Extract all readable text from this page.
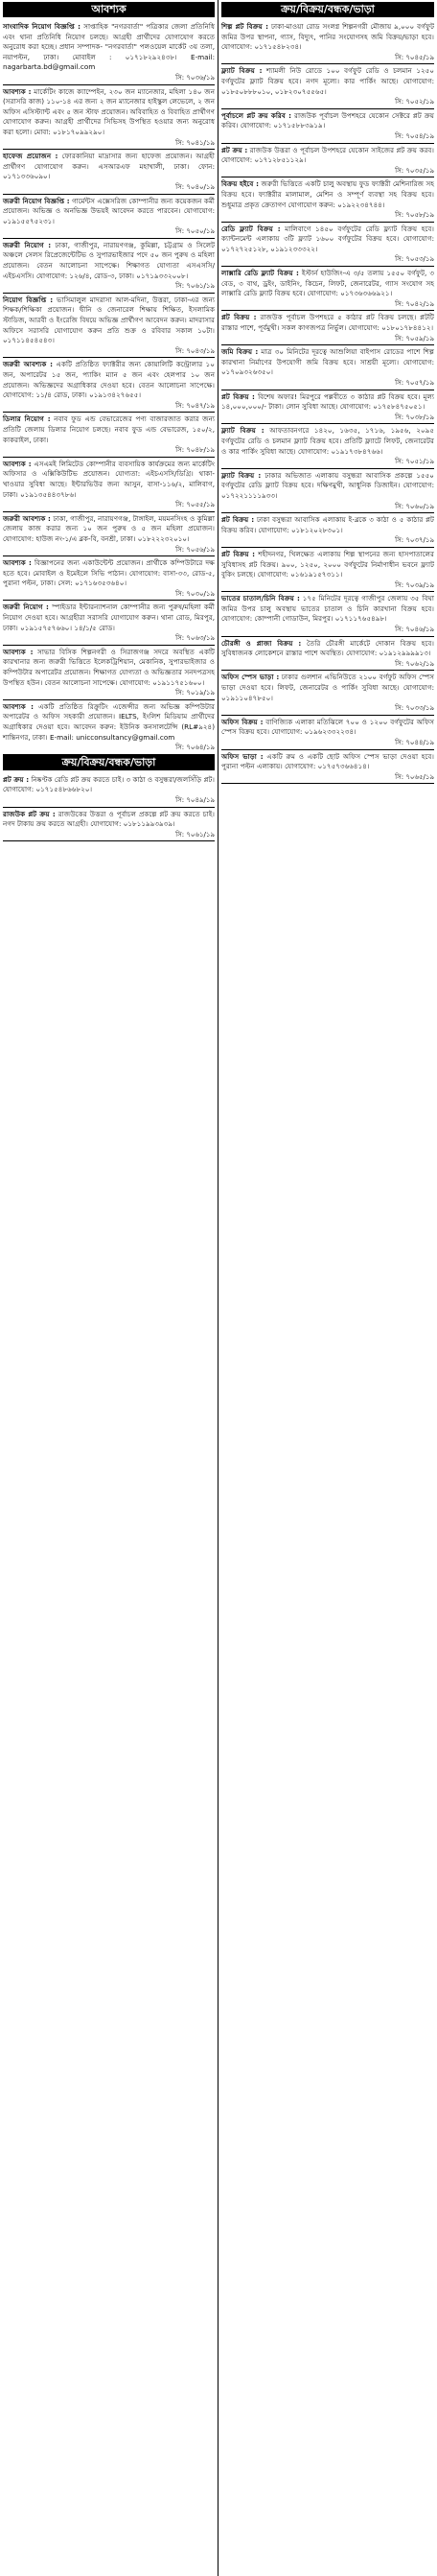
আবশ্যক
সাংবাদিক নিয়োগ বিজ্ঞপ্তি : সাপ্তাহিক "নগরবার্তা" পত্রিকার জেলা প্রতিনিধি এবং থানা প্রতিনিধি নিয়োগ চলছে। আগ্রহী প্রার্থীদের যোগাযোগ করতে অনুরোধ করা হচ্ছে। প্রধান সম্পাদক- "নগরবার্তা" পলওয়েল মার্কেট ৩য় তলা, নয়াপল্টন, ঢাকা। মোবাইল : ০১৭১৮২৯২৪৩৮। E-mail: nagarbarta.bd@gmail.com
সি: ৭০৩৬/১৯
আবশ্যক : মার্কেটিং কাজে ক্যাম্পেইন, ২৩০ জন ম্যানেজার, মহিলা ১৪০ জন (সরাসরি কাজ) ১১০-১৪ এর জন্য ২ জন ম্যানেজার হাইস্কুল লেভেলে, ২ জন অফিস এসিস্ট্যান্ট এবং ৫ জন স্টাফ প্রয়োজন। অবিবাহিত ও বিবাহিত প্রার্থীগণ যোগাযোগ করুন। আগ্রহী প্রার্থীদের সিভিসহ উপস্থিত হওয়ার জন্য অনুরোধ করা হলো। মোবা: ০১৮১৭০৯৯২৯০।
সি: ৭০৪১/১৯
হাফেজ প্রয়োজন : ফোরকানিয়া মাদ্রাসার জন্য হাফেজ প্রয়োজন। আগ্রহী প্রার্থীগণ যোগাযোগ করুন। এসআরএফ মহাখালী, ঢাকা। ফোন: ০১৭১৩৩৬০৯০।
সি: ৭০৪০/১৯
জরুরী নিয়োগ বিজ্ঞপ্তি : গার্মেন্টস এক্সেসরিজ কোম্পানীর জন্য কয়েকজন কর্মী প্রয়োজন। অভিজ্ঞ ও অনভিজ্ঞ উভয়ই আবেদন করতে পারবেন। যোগাযোগ: ০১৯১৫৫৭৫২৩১।
সি: ৭০৫০/১৯
জরুরী নিয়োগ : ঢাকা, গাজীপুর, নারায়ণগঞ্জ, কুমিল্লা, চট্টগ্রাম ও সিলেট অঞ্চলে সেলস রিপ্রেজেন্টেটিভ ও সুপারভাইজার পদে ৫০ জন পুরুষ ও মহিলা প্রয়োজন। বেতন আলোচনা সাপেক্ষে। শিক্ষাগত যোগ্যতা এসএসসি/এইচএসসি। যোগাযোগ: ১২৬/৪, রোড-৩, ঢাকা। ০১৭১৯৩৩২০০৮।
সি: ৭০৬১/১৯
নিয়োগ বিজ্ঞপ্তি : ভাসিমালুল মাদরাসা আল-মদিনা, উত্তরা, ঢাকা-এর জন্য শিক্ষক/শিক্ষিকা প্রয়োজন। দ্বীনি ও জেনারেল শিক্ষায় শিক্ষিত, ইসলামিক স্টাডিজ, আরবী ও ইংরেজি বিষয়ে অভিজ্ঞ প্রার্থীগণ আবেদন করুন। মাদরাসার অফিসে সরাসরি যোগাযোগ করুন প্রতি শুক্র ও রবিবার সকাল ১০টা। ০১৭১১৪৫৪৫৪৩।
সি: ৭০৪৩/১৯
জরুরী আবশ্যক : একটি প্রতিষ্ঠিত ফ্যাক্টরীর জন্য কোয়ালিটি কন্ট্রোলার ১০ জন, অপারেটর ১৫ জন, প্যাকিং ম্যান ৫ জন এবং হেলপার ১০ জন প্রয়োজন। অভিজ্ঞদের অগ্রাধিকার দেওয়া হবে। বেতন আলোচনা সাপেক্ষে। যোগাযোগ: ১১/৪ রোড, ঢাকা। ০১৯১৩৪২৭৬৫৫।
সি: ৭০৪৭/১৯
ডিলার নিয়োগ : নবাব ফুড এন্ড বেভারেজের পণ্য বাজারজাত করার জন্য প্রতিটি জেলায় ডিলার নিয়োগ চলছে। নবাব ফুড এন্ড বেভারেজ, ১৫০/২, কাকরাইল, ঢাকা।
সি: ৭০৪৮/১৯
আবশ্যক : এসএমই লিমিটেড কোম্পানীর ব্যবসায়িক কার্যক্রমের জন্য মার্কেটিং অফিসার ও এক্সিকিউটিভ প্রয়োজন। যোগ্যতা: এইচএসসি/ডিগ্রি। থাকা-খাওয়ার সুবিধা আছে। ইন্টারভিউর জন্য আসুন, বাসা-১১৬/২, মালিবাগ, ঢাকা। ০১৯১৩৫৪৪৩৭৮৬।
সি: ৭০৫৫/১৯
জরুরী আবশ্যক : ঢাকা, গাজীপুর, নারায়ণগঞ্জ, টাঙ্গাইল, ময়মনসিংহ ও কুমিল্লা জেলায় কাজ করার জন্য ১০ জন পুরুষ ও ৫ জন মহিলা প্রয়োজন। যোগাযোগ: হাউজ নং-১/এ ব্লক-বি, বনশ্রী, ঢাকা। ০১৮২২২৩২০১০।
সি: ৭০৫৬/১৯
আবশ্যক : বিজ্ঞাপনের জন্য একাউন্টেন্ট প্রয়োজন। প্রার্থীকে কম্পিউটারে দক্ষ হতে হবে। মোবাইল ও ইমেইলে সিভি পাঠান। যোগাযোগ: বাসা-৩৩, রোড-৫, পুরানা পল্টন, ঢাকা। সেল: ০১৭১৬৩৫৩৬৪০।
সি: ৭০৩০/১৯
জরুরী নিয়োগ : স্পাইডার ইন্টারন্যাশনাল কোম্পানীর জন্য পুরুষ/মহিলা কর্মী নিয়োগ দেওয়া হবে। আগ্রহীরা সরাসরি যোগাযোগ করুন। থানা রোড, মিরপুর, ঢাকা। ০১৯১৫৭৫৭৬৬০। ১৪/১/৫ রোড।
সি: ৭০৬৩/১৯
আবশ্যক : সাভার বিসিক শিল্পনগরী ও সিরাজগঞ্জ সদরে অবস্থিত একটি কারখানার জন্য জরুরী ভিত্তিতে ইলেকট্রিশিয়ান, মেকানিক, সুপারভাইজার ও কম্পিউটার অপারেটর প্রয়োজন। শিক্ষাগত যোগ্যতা ও অভিজ্ঞতার সনদপত্রসহ উপস্থিত হউন। বেতন আলোচনা সাপেক্ষে। যোগাযোগ: ০১৯১১৭৫১৬০০।
সি: ৭০১৯/১৯
আবশ্যক : একটি প্রতিষ্ঠিত রিক্রুটিং এজেন্সীর জন্য অভিজ্ঞ কম্পিউটার অপারেটর ও অফিস সহকারী প্রয়োজন। IELTS, ইংলিশ মিডিয়াম প্রার্থীদের অগ্রাধিকার দেওয়া হবে। আবেদন করুন: ইউনিক কনসালটেন্সি (RL#৯২৪) শান্তিনগর, ঢাকা। E-mail: unicconsultancy@gmail.com
সি: ৭০৬৪/১৯
ক্রয়/বিক্রয়/বন্ধক/ভাড়া
প্লট ক্রয় : নিষ্কণ্টক রেডি প্লট ক্রয় করতে চাই। ৩ কাঠা ও বসুন্ধরা/জলসিঁড়ি প্লট। যোগাযোগ: ০১৭১৫৪৮৬৬৮২০।
সি: ৭০৪৯/১৯
রাজউক প্লট ক্রয় : রাজউকের উত্তরা ও পূর্বাচল প্রকল্পে প্লট ক্রয় করতে চাই। নগদ টাকায় ক্রয় করতে আগ্রহী। যোগাযোগ: ০১৮১১৯৯৩৯৩৯।
সি: ৭০৬১/১৯
ক্রয়/বিক্রয়/বন্ধক/ভাড়া
শিল্প প্লট বিক্রয় : ঢাকা-মাওয়া রোড সংলগ্ন শিল্পনগরী মৌজায় ৯,০০০ বর্গফুট জমির উপর স্থাপনা, গ্যাস, বিদ্যুৎ, পানির সংযোগসহ জমি বিক্রয়/ভাড়া হবে। যোগাযোগ: ০১৭১৫৪৮২৩৪।
সি: ৭০৪৫/১৯
ফ্ল্যাট বিক্রয় : শ্যামলী নিউ রোডে ১০০ বর্গফুট রেডি ও চলমান ১২৫০ বর্গফুটের ফ্ল্যাট বিক্রয় হবে। নগদ মূল্যে। কার পার্কিং আছে। যোগাযোগ: ০১৮৫০৮৮৮০১০, ০১৮২৩০৭৫৫৬৫।
সি: ৭০৫২/১৯
পূর্বাচলে প্লট ক্রয় করিব : রাজউক পূর্বাচল উপশহরে যেকোন সেক্টরে প্লট ক্রয় করিব। যোগাযোগ: ০১৭১৫৮৮৩৯১৯।
সি: ৭০৫৪/১৯
প্লট ক্রয় : রাজউক উত্তরা ও পূর্বাচল উপশহরে যেকোন সাইজের প্লট ক্রয় করব। যোগাযোগ: ০১৭১২৮৫১১২৯।
সি: ৭০৩৫/১৯
বিক্রয় হইবে : জরুরী ভিত্তিতে একটি চালু অবস্থায় ফুড ফ্যাক্টরী মেশিনারিজ সহ বিক্রয় হবে। ফ্যাক্টরীর মালামাল, মেশিন ও সম্পূর্ণ ব্যবস্থা সহ বিক্রয় হবে। শুধুমাত্র প্রকৃত ক্রেতাগণ যোগাযোগ করুন: ০১৯২২৩৪৭৪৪।
সি: ৭০৫৮/১৯
রেডি ফ্ল্যাট বিক্রয় : মালিবাগে ১৪৫০ বর্গফুটের রেডি ফ্ল্যাট বিক্রয় হবে। ক্যান্টনমেন্ট এলাকায় ৩টি ফ্ল্যাট ১৬০০ বর্গফুটের বিক্রয় হবে। যোগাযোগ: ০১৭২৭২৫১২৮, ০১৯১২৩৩৩২২।
সি: ৭০৫৩/১৯
লাক্সারি রেডি ফ্ল্যাট বিক্রয় : ইস্টার্ন হাউজিং-এ ৩/৫ তলায় ১৫৫০ বর্গফুট, ৩ বেড, ৩ বাথ, ড্রইং, ডাইনিং, কিচেন, লিফট, জেনারেটর, গ্যাস সংযোগ সহ লাক্সারি রেডি ফ্ল্যাট বিক্রয় হবে। যোগাযোগ: ০১৭৩৬৩৬৬৯২১।
সি: ৭০৪২/১৯
প্লট বিক্রয় : রাজউক পূর্বাচল উপশহরে ৫ কাঠার প্লট বিক্রয় চলছে। প্লটটি রাস্তার পাশে, পূর্বমুখী। সকল কাগজপত্র নির্ভুল। যোগাযোগ: ০১৮০১৭৮৪৪১২।
সি: ৭০৫৯/১৯
জমি বিক্রয় : মাত্র ৩০ মিনিটের দূরত্বে আশুলিয়া বাইপাস রোডের পাশে শিল্প কারখানা নির্মাণের উপযোগী জমি বিক্রয় হবে। সাশ্রয়ী মূল্যে। যোগাযোগ: ০১৭০৯৩২৬৩৫০।
সি: ৭০৫৭/১৯
প্লট বিক্রয় : বিশেষ অফার! মিরপুরে পল্লবীতে ৩ কাঠার প্লট বিক্রয় হবে। মূল্য ১৪,০০০,০০০/- টাকা। লোন সুবিধা আছে। যোগাযোগ: ০১৭৫৮৪৭৫০৫১।
সি: ৭০৩৮/১৯
ফ্ল্যাট বিক্রয় : আফতাবনগরে ১৪২০, ১৬৩৫, ১৭১৬, ১৯৫৬, ২০৯৫ বর্গফুটের রেডি ও চলমান ফ্ল্যাট বিক্রয় হবে। প্রতিটি ফ্ল্যাটে লিফট, জেনারেটর ও কার পার্কিং সুবিধা আছে। যোগাযোগ: ০১৯১৭৩৮৪৭৬৬।
সি: ৭০৫১/১৯
ফ্ল্যাট বিক্রয় : ঢাকার অভিজাত এলাকায় বসুন্ধরা আবাসিক প্রকল্পে ১৫৫০ বর্গফুটের রেডি ফ্ল্যাট বিক্রয় হবে। দক্ষিণমুখী, আধুনিক ডিজাইন। যোগাযোগ: ০১৭২২১১১১৯৩৩।
সি: ৭০৬০/১৯
প্লট বিক্রয় : ঢাকা বসুন্ধরা আবাসিক এলাকায় ই-ব্লকে ৩ কাঠা ও ৫ কাঠার প্লট বিক্রয় করিব। যোগাযোগ: ০১৮১২০২৮৩০১।
সি: ৭০৩৭/১৯
প্লট বিক্রয় : শহীদনগর, খিলক্ষেত এলাকায় শিল্প স্থাপনের জন্য হাসপাতালের সুবিধাসহ প্লট বিক্রয়। ৯০০, ১২৫০, ২০০০ বর্গফুটের নির্মাণাধীন ভবনে ফ্ল্যাট বুকিং চলছে। যোগাযোগ: ০১৬১৯১৫৭৩১১।
সি: ৭০৩৯/১৯
ভাতের চাতাল/চিনি বিক্রয় : ১৭৫ মিনিটের দূরত্বে গাজীপুর জেলায় ৩৫ বিঘা জমির উপর চালু অবস্থায় ভাতের চাতাল ও চিনি কারখানা বিক্রয় হবে। যোগাযোগ: কোম্পানী গোডাউন, মিরপুর। ০১৭১১৭৬৫৪৯৮।
সি: ৭০৪৬/১৯
চৌরঙ্গী ও প্লাজা বিক্রয় : তৈরি চৌরঙ্গী মার্কেটে দোকান বিক্রয় হবে। সুবিধাজনক লোকেশনে রাস্তার পাশে অবস্থিত। যোগাযোগ: ০১৯১২৯৯৯৯১৩।
সি: ৭০৬২/১৯
অফিস স্পেস ভাড়া : ঢাকার গুলশান এভিনিউতে ২১০০ বর্গফুট অফিস স্পেস ভাড়া দেওয়া হবে। লিফট, জেনারেটর ও পার্কিং সুবিধা আছে। যোগাযোগ: ০১৯১১০৪৭৮৫০।
সি: ৭০৩৩/১৯
অফিস বিক্রয় : বাণিজ্যিক এলাকা মতিঝিলে ৭০০ ও ১২০০ বর্গফুটের অফিস স্পেস বিক্রয় হবে। যোগাযোগ: ০১৯৬২৩৩২২৩৪।
সি: ৭০৪৪/১৯
অফিস ভাড়া : একটি রুম ও একটি ছোট অফিস স্পেস ভাড়া দেওয়া হবে। পুরানা পল্টন এলাকায়। যোগাযোগ: ০১৭৫৭৩৬৬৪১৪।
সি: ৭০৬৫/১৯
